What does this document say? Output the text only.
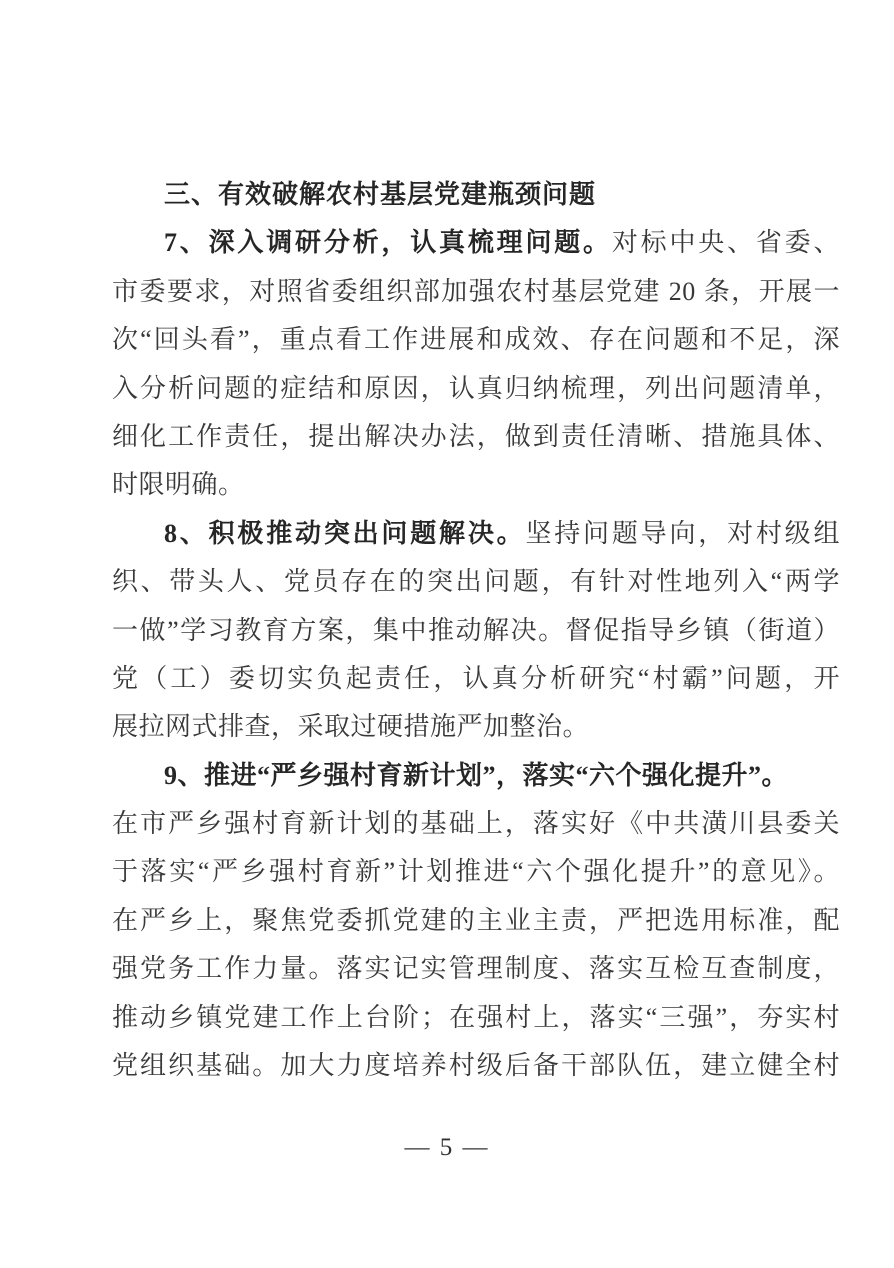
三、有效破解农村基层党建瓶颈问题
7、深入调研分析，认真梳理问题。对标中央、省委、
市委要求，对照省委组织部加强农村基层党建 20 条，开展一
次“回头看”，重点看工作进展和成效、存在问题和不足，深
入分析问题的症结和原因，认真归纳梳理，列出问题清单，
细化工作责任，提出解决办法，做到责任清晰、措施具体、
时限明确。
8、积极推动突出问题解决。坚持问题导向，对村级组
织、带头人、党员存在的突出问题，有针对性地列入“两学
一做”学习教育方案，集中推动解决。督促指导乡镇（街道）
党（工）委切实负起责任，认真分析研究“村霸”问题，开
展拉网式排查，采取过硬措施严加整治。
9、推进“严乡强村育新计划”，落实“六个强化提升”。
在市严乡强村育新计划的基础上，落实好《中共潢川县委关
于落实“严乡强村育新”计划推进“六个强化提升”的意见》。
在严乡上，聚焦党委抓党建的主业主责，严把选用标准，配
强党务工作力量。落实记实管理制度、落实互检互查制度，
推动乡镇党建工作上台阶；在强村上，落实“三强”，夯实村
党组织基础。加大力度培养村级后备干部队伍，建立健全村
— 5 —
